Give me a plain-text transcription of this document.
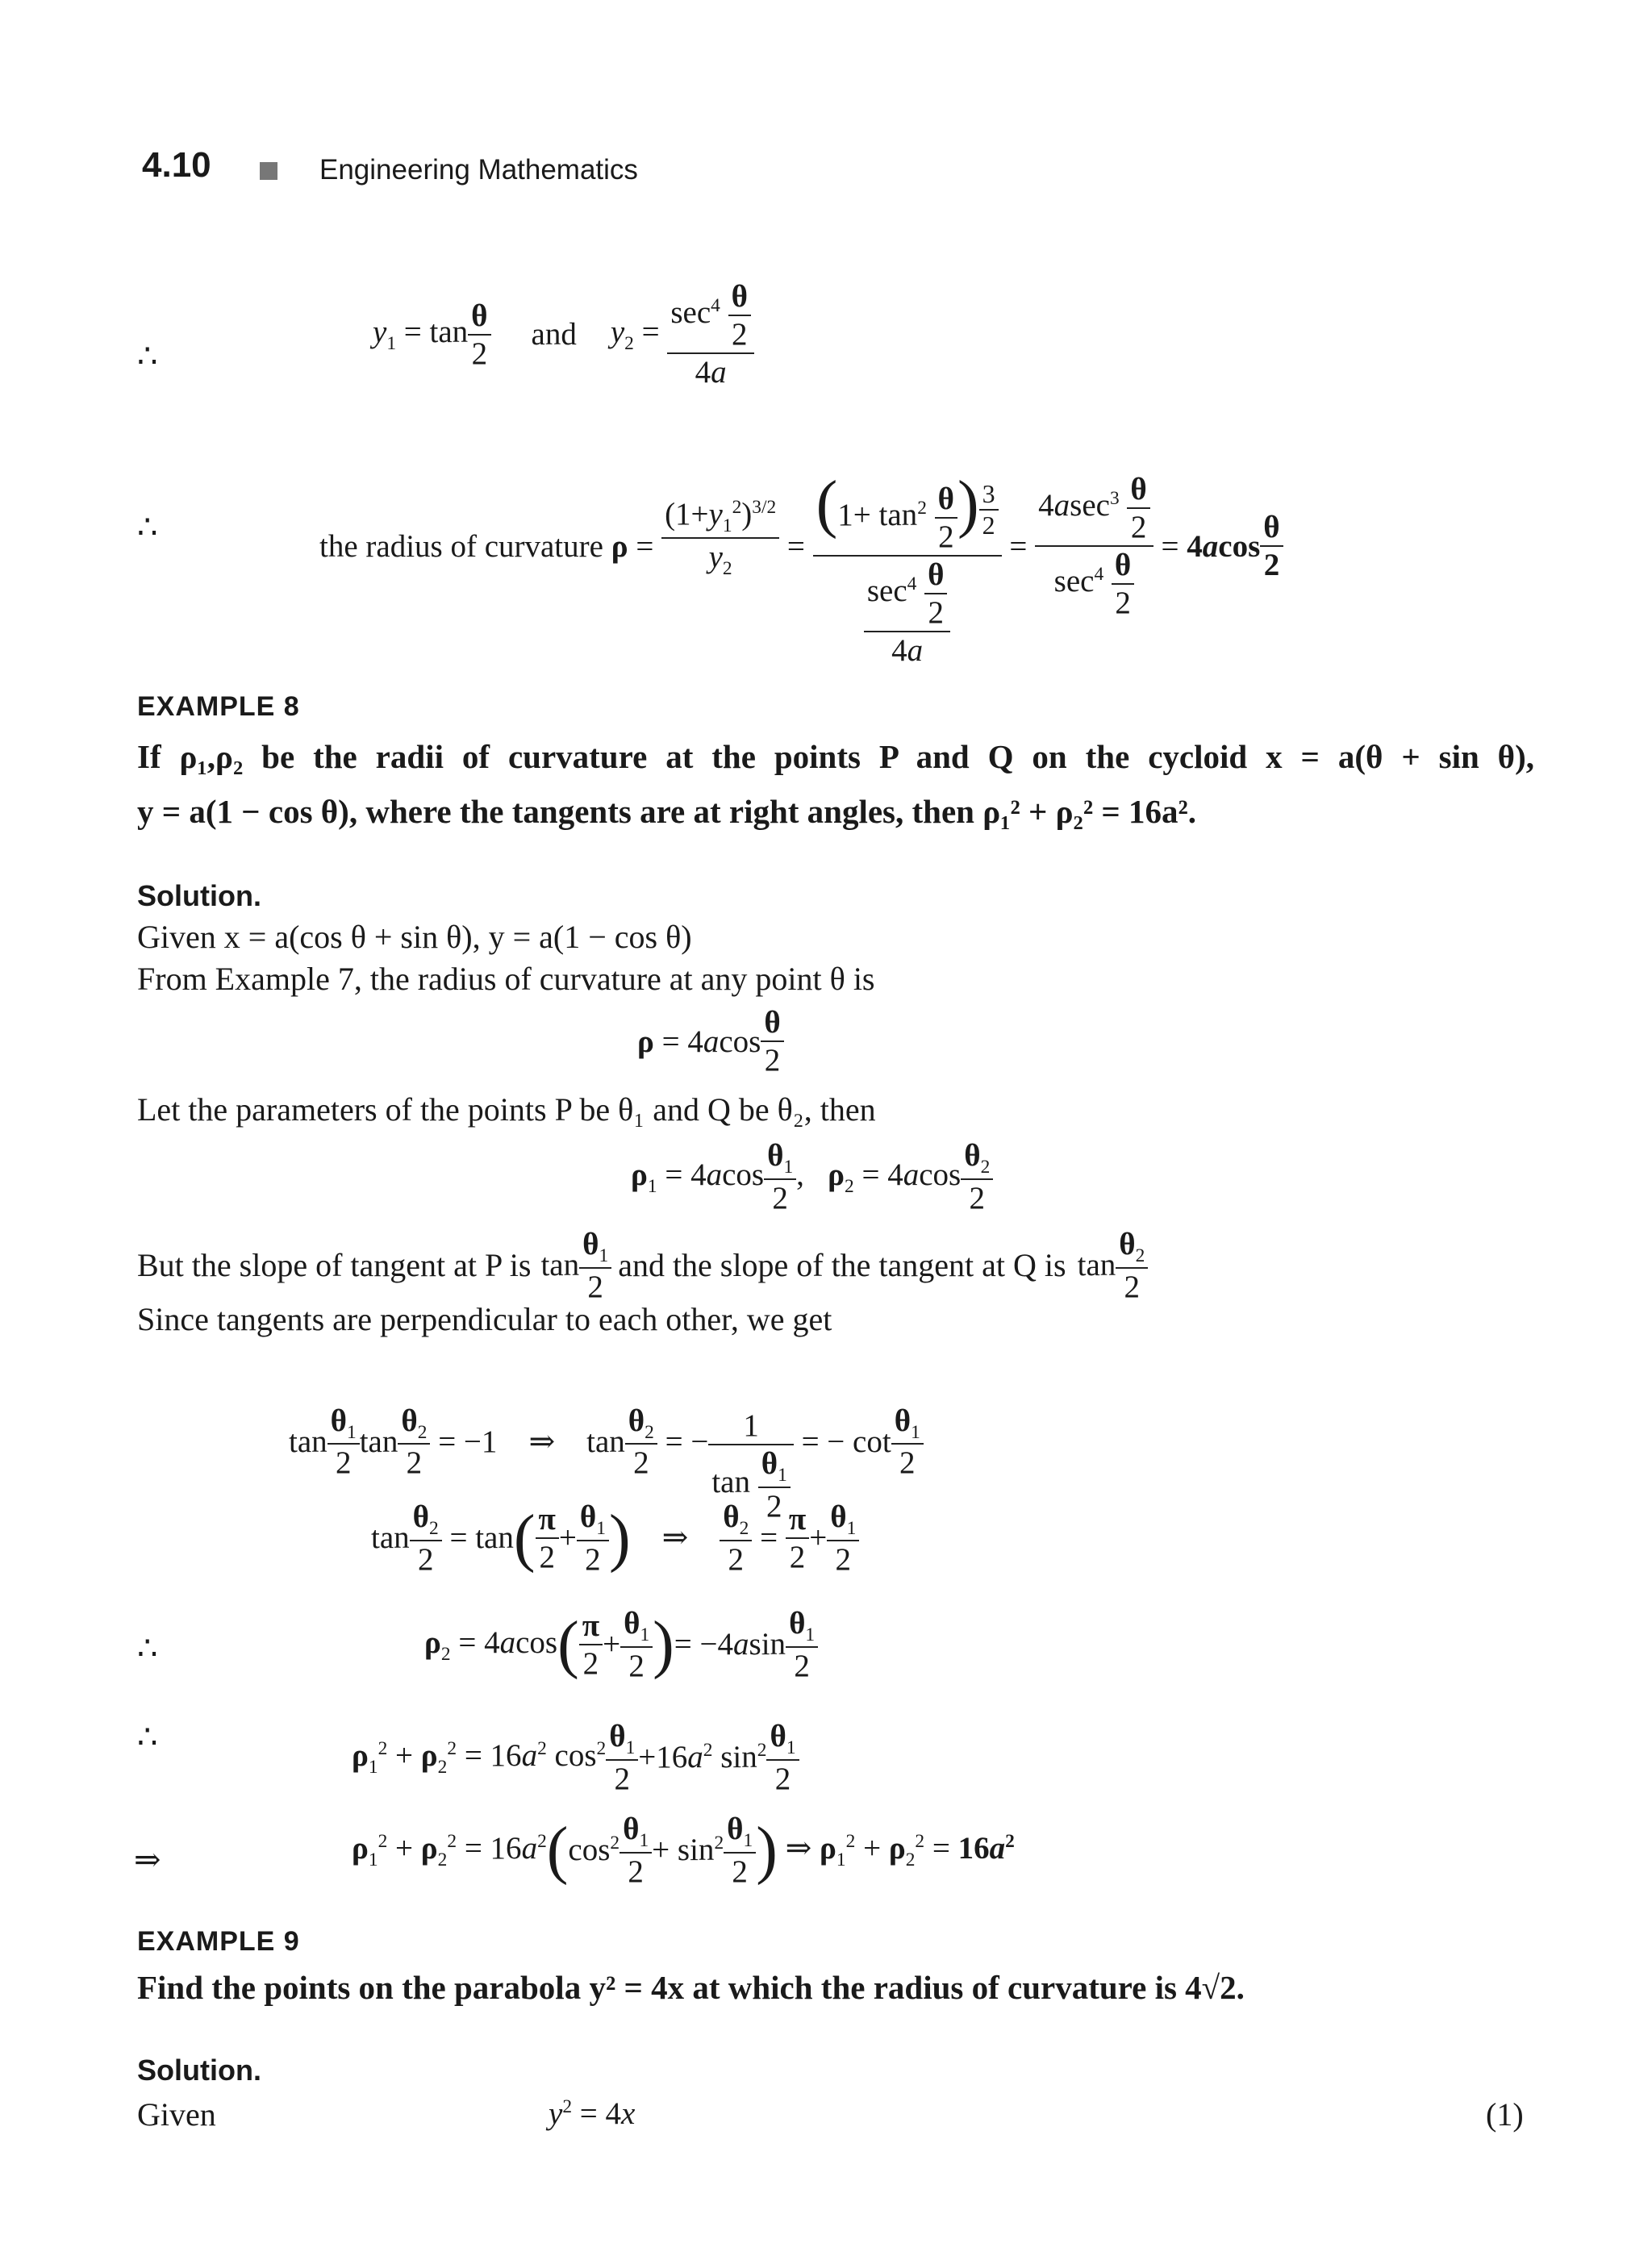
4.10	Engineering Mathematics
∴
$y_1 = \tan \frac{\theta}{2}$ and $y_2 = \frac{\sec^4 \frac{\theta}{2}}{4a}$
∴
the radius of curvature $\rho = \frac{(1+y_1^2)^{3/2}}{y_2} = (1+ \tan^2 \frac{\theta}{2}$ ) $^{\frac{3}{2}}$
$\frac{\sec^4 \frac{\theta}{2}}{4a} = \frac{4asec^3 \frac{\theta}{2}}{\sec^4 \frac{\theta}{2}} = 4acos \frac{\theta}{2}$
EXAMPLE 8
If ρ₁,ρ₂ be the radii of curvature at the points P and Q on the cycloid x = a(θ + sin θ),
y = a(1 − cos θ), where the tangents are at right angles, then ρ₁² + ρ₂² = 16a².
Solution.
Given x = a(cos θ + sin θ), y = a(1 − cos θ)
From Example 7, the radius of curvature at any point θ is
$\rho = 4acos \frac{\theta}{2}$
Let the parameters of the points P be θ₁ and Q be θ₂, then
$\rho_1 = 4acos \frac{\theta_1}{2}$ ,   $\rho_2 = 4acos \frac{\theta_2}{2}$
But the slope of tangent at P is $\tan \frac{\theta_1}{2}$ and the slope of the tangent at Q is $\tan \frac{\theta_2}{2}$
Since tangents are perpendicular to each other, we get
$\tan \frac{\theta_1}{2}$ $\tan \frac{\theta_2}{2} = -1$ ⇒ $\tan \frac{\theta_2}{2}$ = − $\frac{1}{\tan \frac{\theta_1}{2}}$ = − $\cot \frac{\theta_1}{2}$
$\tan \frac{\theta_2}{2} = \tan$ ( $\frac{\pi}{2} + \frac{\theta_1}{2}$ )
⇒
$\frac{\theta_2}{2} = \frac{\pi}{2} + \frac{\theta_1}{2}$
∴	$\rho_2 = 4acos$ ( $\frac{\pi}{2} + \frac{\theta_1}{2}$ ) = $-4asin \frac{\theta_1}{2}$
∴	$\rho_1^2 + \rho_2^2 = 16a^2$ $\cos^2 \frac{\theta_1}{2} +16a^2$ $\sin^2 \frac{\theta_1}{2}$
⇒	$\rho_1^2 + \rho_2^2 = 16a^2$ ( $\cos^2 \frac{\theta_1}{2} + \sin^2 \frac{\theta_1}{2}$ ) ⇒ $\rho_1^2 + \rho_2^2 = 16a^2$
EXAMPLE 9
Find the points on the parabola y² = 4x at which the radius of curvature is 4√2.
Solution.
Given	$y^2 = 4x$	(1)
